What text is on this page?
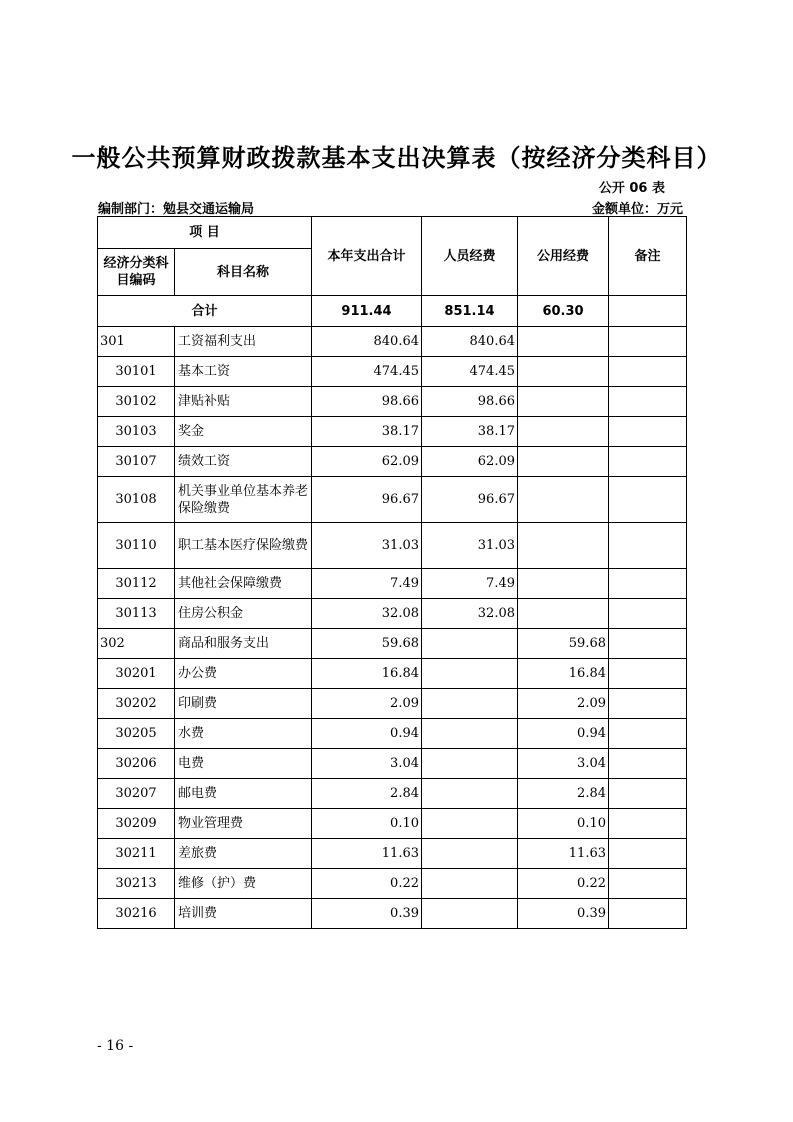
一般公共预算财政拨款基本支出决算表（按经济分类科目）
公开 06 表
编制部门：勉县交通运输局	金额单位：万元
项 目		本年支出合计	人员经费	公用经费	备注
经济分类科目编码	科目名称				
合计		911.44	851.14	60.30	
301	工资福利支出	840.64	840.64		
30101	基本工资	474.45	474.45		
30102	津贴补贴	98.66	98.66		
30103	奖金	38.17	38.17		
30107	绩效工资	62.09	62.09		
30108	机关事业单位基本养老保险缴费	96.67	96.67		
30110	职工基本医疗保险缴费	31.03	31.03		
30112	其他社会保障缴费	7.49	7.49		
30113	住房公积金	32.08	32.08		
302	商品和服务支出	59.68		59.68	
30201	办公费	16.84		16.84	
30202	印刷费	2.09		2.09	
30205	水费	0.94		0.94	
30206	电费	3.04		3.04	
30207	邮电费	2.84		2.84	
30209	物业管理费	0.10		0.10	
30211	差旅费	11.63		11.63	
30213	维修（护）费	0.22		0.22	
30216	培训费	0.39		0.39	
- 16 -
